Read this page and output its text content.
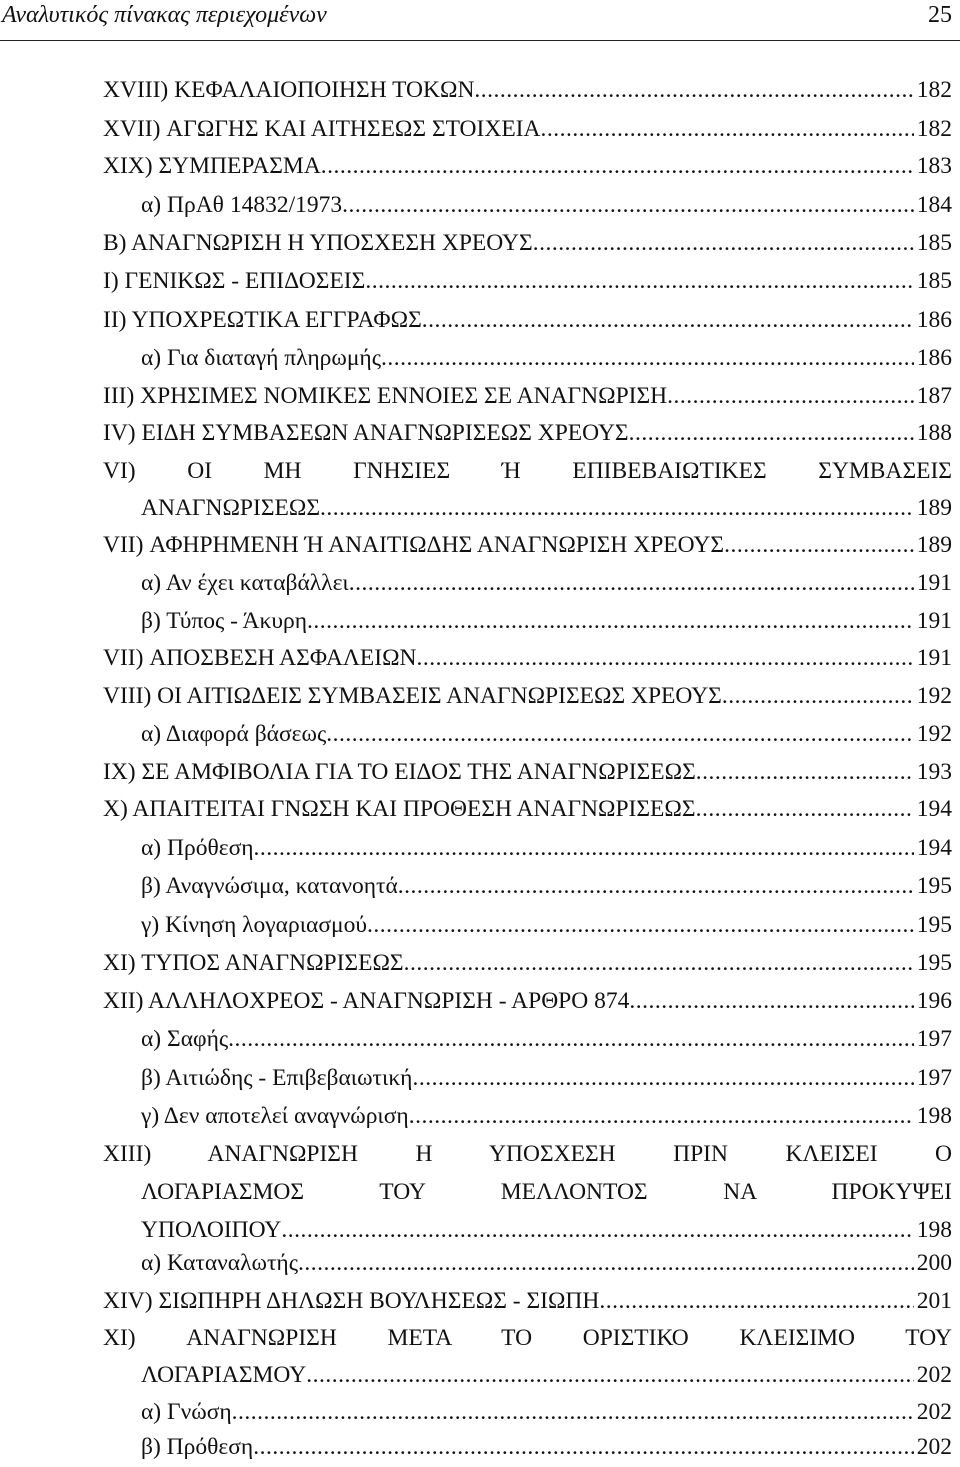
Αναλυτικός πίνακας περιεχομένων	25
XVIII) ΚΕΦΑΛΑΙΟΠΟΙΗΣΗ ΤΟΚΩΝ .....	182
XVII) ΑΓΩΓΗΣ ΚΑΙ ΑΙΤΗΣΕΩΣ ΣΤΟΙΧΕΙΑ .....	182
XIX) ΣΥΜΠΕΡΑΣΜΑ .....	183
α) ΠρΑθ 14832/1973 .....	184
Β) ΑΝΑΓΝΩΡΙΣΗ Η ΥΠΟΣΧΕΣΗ ΧΡΕΟΥΣ .....	185
Ι) ΓΕΝΙΚΩΣ - ΕΠΙΔΟΣΕΙΣ .....	185
ΙΙ) ΥΠΟΧΡΕΩΤΙΚΑ ΕΓΓΡΑΦΩΣ .....	186
α) Για διαταγή πληρωμής .....	186
ΙΙΙ) ΧΡΗΣΙΜΕΣ ΝΟΜΙΚΕΣ ΕΝΝΟΙΕΣ ΣΕ ΑΝΑΓΝΩΡΙΣΗ .....	187
IV) ΕΙΔΗ ΣΥΜΒΑΣΕΩΝ ΑΝΑΓΝΩΡΙΣΕΩΣ ΧΡΕΟΥΣ .....	188
VI) ΟΙ ΜΗ ΓΝΗΣΙΕΣ Ή ΕΠΙΒΕΒΑΙΩΤΙΚΕΣ ΣΥΜΒΑΣΕΙΣ
ΑΝΑΓΝΩΡΙΣΕΩΣ .....	189
VII) ΑΦΗΡΗΜΕΝΗ Ή ΑΝΑΙΤΙΩΔΗΣ ΑΝΑΓΝΩΡΙΣΗ ΧΡΕΟΥΣ .....	189
α) Αν έχει καταβάλλει .....	191
β) Τύπος - Άκυρη .....	191
VII) ΑΠΟΣΒΕΣΗ ΑΣΦΑΛΕΙΩΝ .....	191
VIII) ΟΙ ΑΙΤΙΩΔΕΙΣ ΣΥΜΒΑΣΕΙΣ ΑΝΑΓΝΩΡΙΣΕΩΣ ΧΡΕΟΥΣ .....	192
α) Διαφορά βάσεως .....	192
IX) ΣΕ ΑΜΦΙΒΟΛΙΑ ΓΙΑ ΤΟ ΕΙΔΟΣ ΤΗΣ ΑΝΑΓΝΩΡΙΣΕΩΣ .....	193
Χ) ΑΠΑΙΤΕΙΤΑΙ ΓΝΩΣΗ ΚΑΙ ΠΡΟΘΕΣΗ ΑΝΑΓΝΩΡΙΣΕΩΣ .....	194
α) Πρόθεση .....	194
β) Αναγνώσιμα, κατανοητά .....	195
γ) Κίνηση λογαριασμού .....	195
ΧΙ) ΤΥΠΟΣ ΑΝΑΓΝΩΡΙΣΕΩΣ .....	195
ΧΙΙ) ΑΛΛΗΛΟΧΡΕΟΣ - ΑΝΑΓΝΩΡΙΣΗ - ΑΡΘΡΟ 874 .....	196
α) Σαφής .....	197
β) Αιτιώδης - Επιβεβαιωτική .....	197
γ) Δεν αποτελεί αναγνώριση .....	198
ΧΙΙΙ) ΑΝΑΓΝΩΡΙΣΗ Η ΥΠΟΣΧΕΣΗ ΠΡΙΝ ΚΛΕΙΣΕΙ Ο
ΛΟΓΑΡΙΑΣΜΟΣ ΤΟΥ ΜΕΛΛΟΝΤΟΣ ΝΑ ΠΡΟΚΥΨΕΙ
ΥΠΟΛΟΙΠΟΥ .....	198
α) Καταναλωτής .....	200
XIV) ΣΙΩΠΗΡΗ ΔΗΛΩΣΗ ΒΟΥΛΗΣΕΩΣ - ΣΙΩΠΗ .....	201
XI) ΑΝΑΓΝΩΡΙΣΗ ΜΕΤΑ ΤΟ ΟΡΙΣΤΙΚΟ ΚΛΕΙΣΙΜΟ ΤΟΥ
ΛΟΓΑΡΙΑΣΜΟΥ .....	202
α) Γνώση .....	202
β) Πρόθεση .....	202
